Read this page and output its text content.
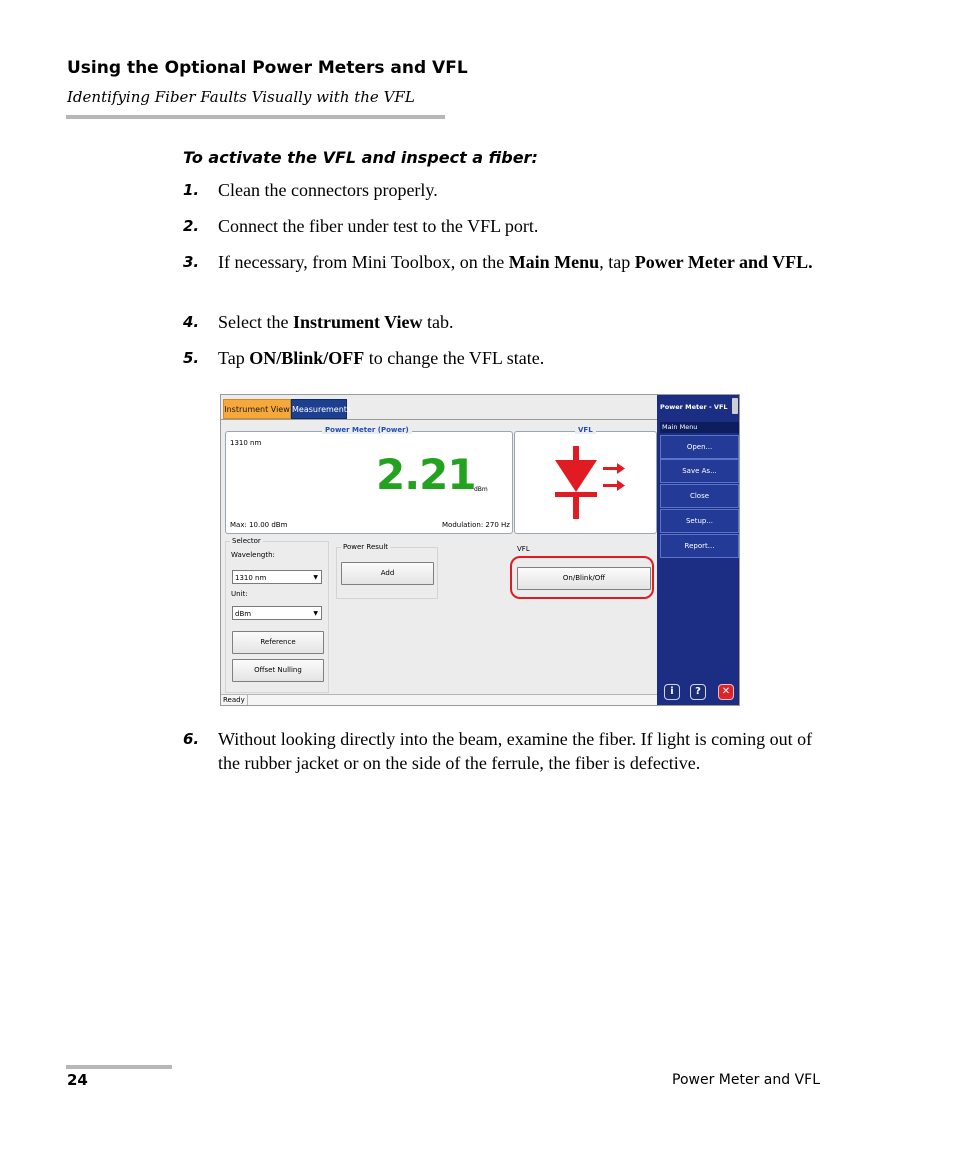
Using the Optional Power Meters and VFL
Identifying Fiber Faults Visually with the VFL
To activate the VFL and inspect a fiber:
1. Clean the connectors properly.
2. Connect the fiber under test to the VFL port.
3. If necessary, from Mini Toolbox, on the Main Menu, tap Power Meter and VFL.
4. Select the Instrument View tab.
5. Tap ON/Blink/OFF to change the VFL state.
Instrument View Measurements
Power Meter (Power)
1310 nm
2.21
dBm
Max: 10.00 dBm	Modulation: 270 Hz
VFL
Selector
Wavelength:
1310 nm	▼
Unit:
dBm	▼
Reference
Offset Nulling
Power Result
Add
VFL
On/Blink/Off
Ready
Power Meter - VFL
Main Menu
Open...
Save As...
Close
Setup...
Report...
i	?	✕
6. Without looking directly into the beam, examine the fiber. If light is coming out of the rubber jacket or on the side of the ferrule, the fiber is defective.
24	Power Meter and VFL
